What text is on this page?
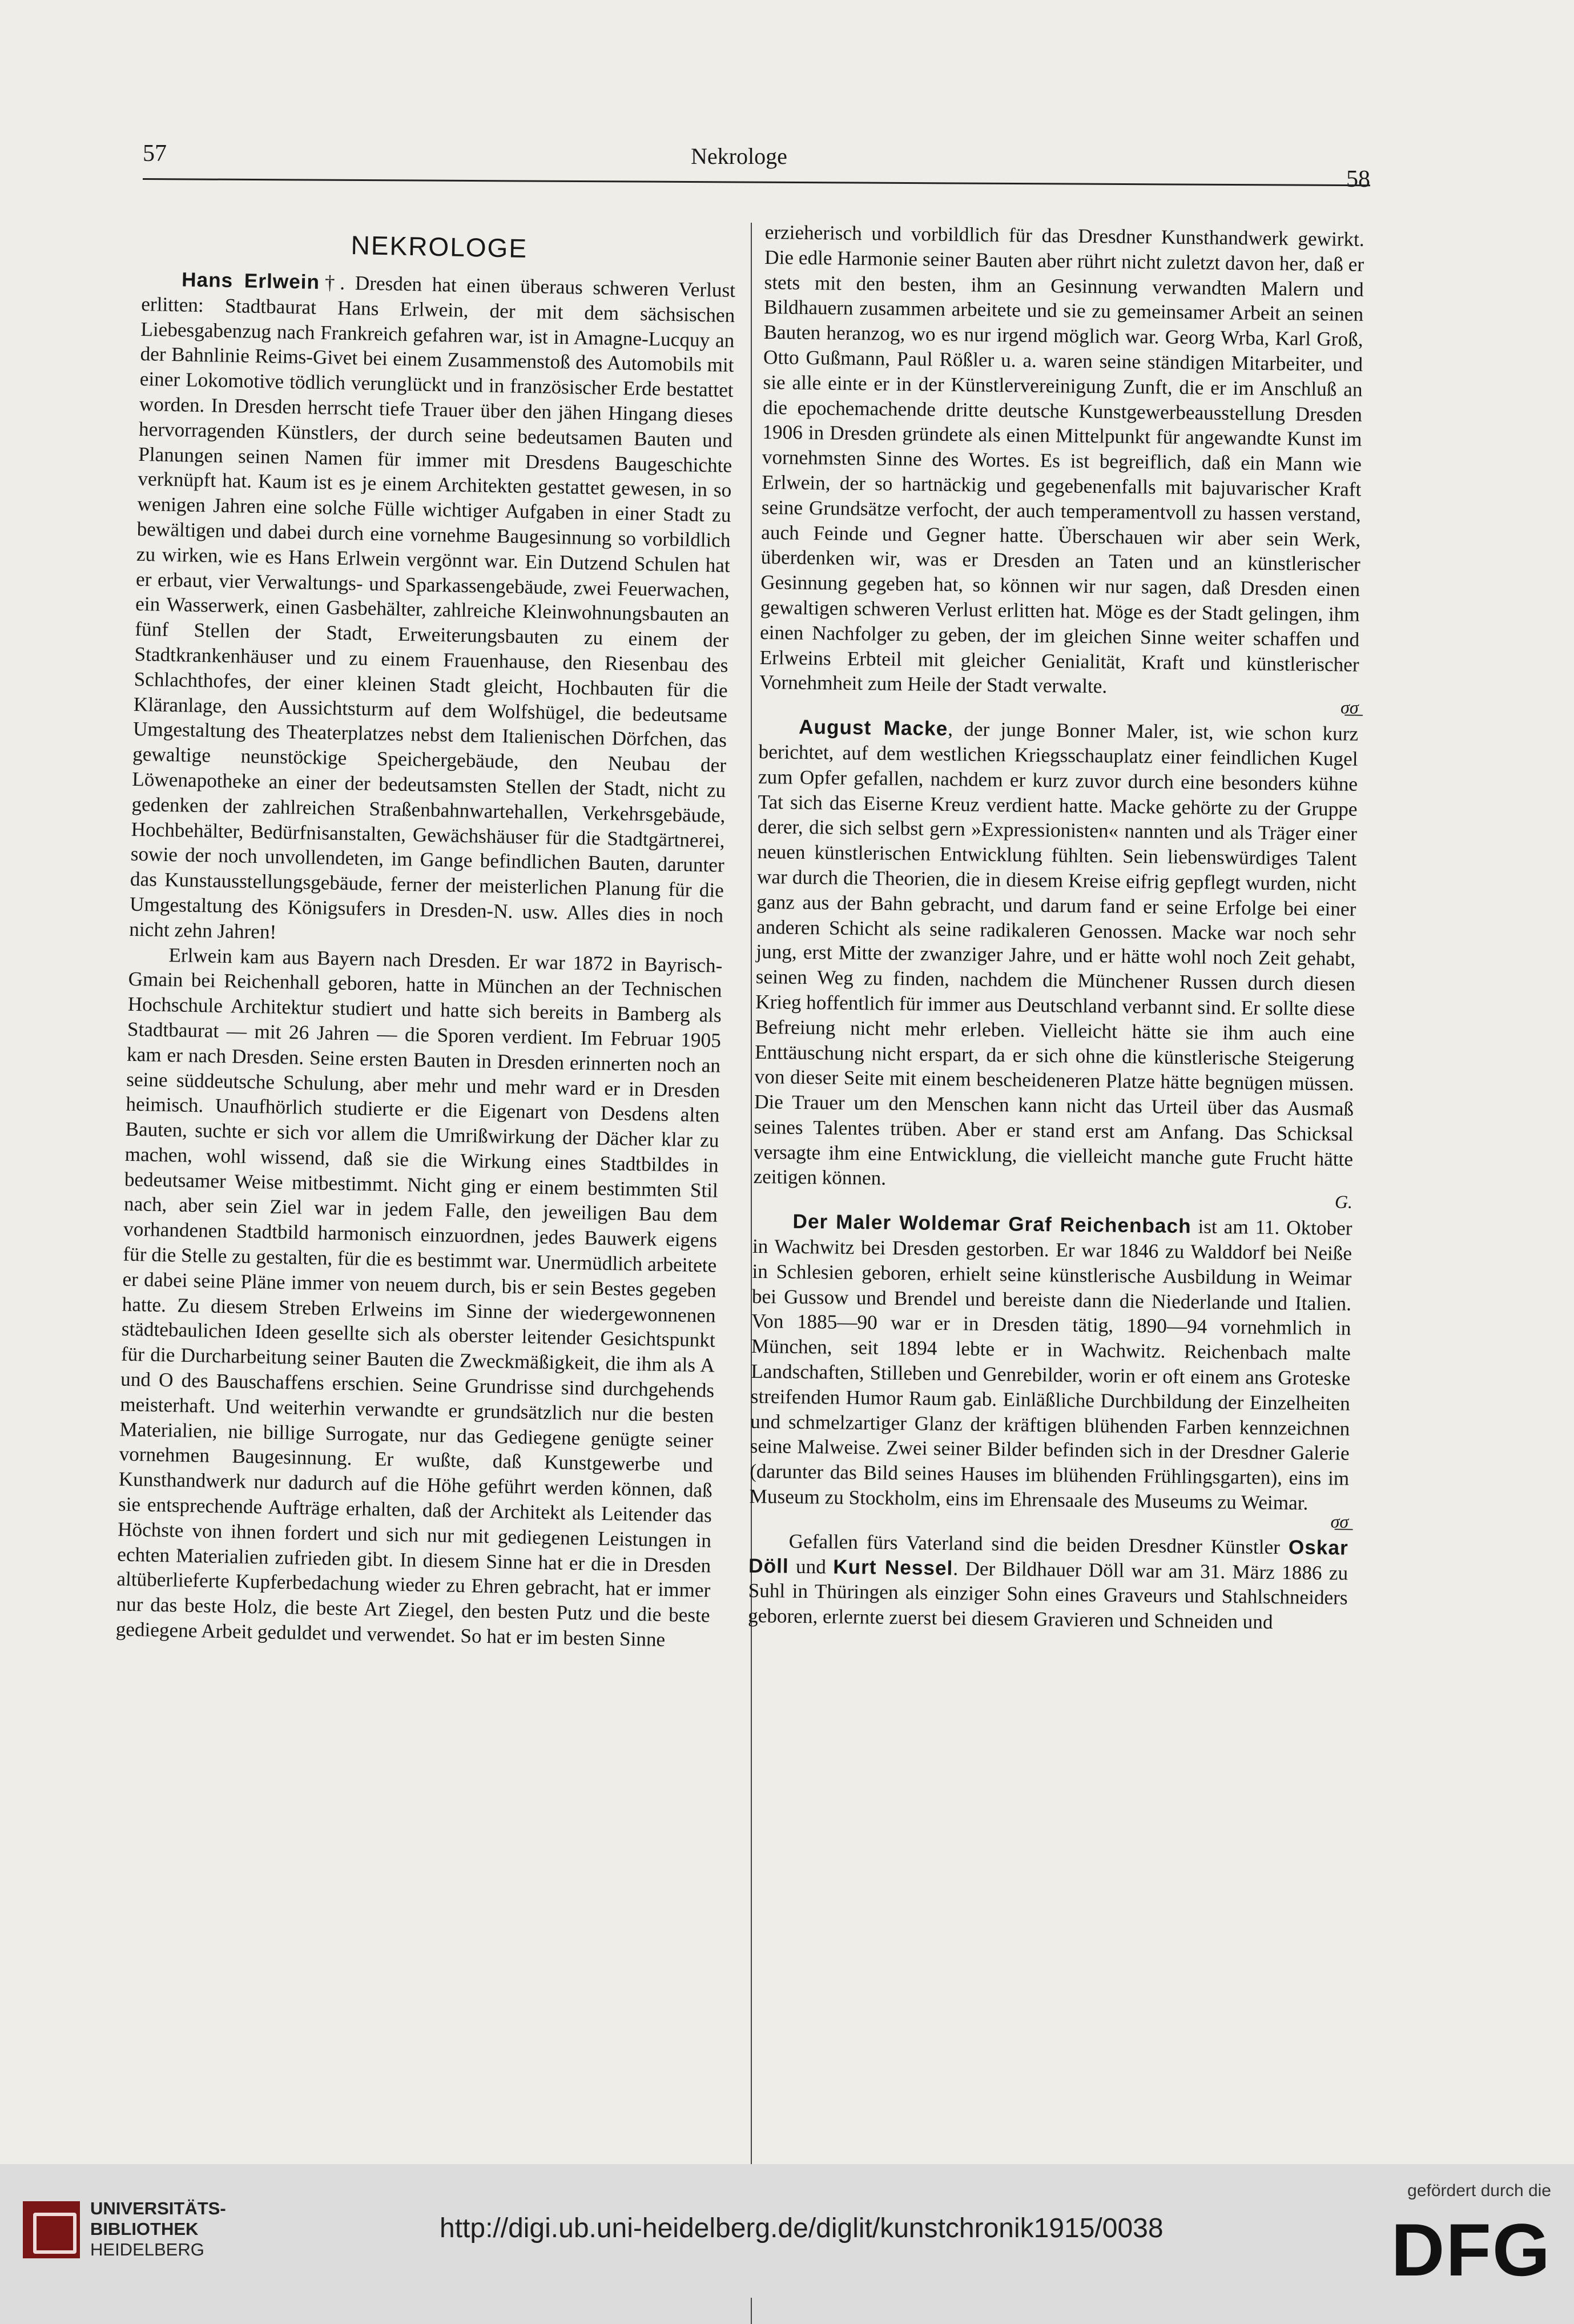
57	Nekrologe
58
NEKROLOGE

Hans Erlwein†. Dresden hat einen überaus schweren Verlust erlitten: Stadtbaurat Hans Erlwein, der mit dem sächsischen Liebesgabenzug nach Frankreich gefahren war, ist in Amagne-Lucquy an der Bahnlinie Reims-Givet bei einem Zusammenstoß des Automobils mit einer Lokomotive tödlich verunglückt und in französischer Erde bestattet worden. In Dresden herrscht tiefe Trauer über den jähen Hingang dieses hervorragenden Künstlers, der durch seine bedeutsamen Bauten und Planungen seinen Namen für immer mit Dresdens Baugeschichte verknüpft hat. Kaum ist es je einem Architekten gestattet gewesen, in so wenigen Jahren eine solche Fülle wichtiger Aufgaben in einer Stadt zu bewältigen und dabei durch eine vornehme Baugesinnung so vorbildlich zu wirken, wie es Hans Erlwein vergönnt war. Ein Dutzend Schulen hat er erbaut, vier Verwaltungs- und Sparkassengebäude, zwei Feuerwachen, ein Wasserwerk, einen Gasbehälter, zahlreiche Kleinwohnungsbauten an fünf Stellen der Stadt, Erweiterungsbauten zu einem der Stadtkrankenhäuser und zu einem Frauenhause, den Riesenbau des Schlachthofes, der einer kleinen Stadt gleicht, Hochbauten für die Kläranlage, den Aussichtsturm auf dem Wolfshügel, die bedeutsame Umgestaltung des Theaterplatzes nebst dem Italienischen Dörfchen, das gewaltige neunstöckige Speichergebäude, den Neubau der Löwenapotheke an einer der bedeutsamsten Stellen der Stadt, nicht zu gedenken der zahlreichen Straßenbahnwartehallen, Verkehrsgebäude, Hochbehälter, Bedürfnisanstalten, Gewächshäuser für die Stadtgärtnerei, sowie der noch unvollendeten, im Gange befindlichen Bauten, darunter das Kunstausstellungsgebäude, ferner der meisterlichen Planung für die Umgestaltung des Königsufers in Dresden-N. usw. Alles dies in noch nicht zehn Jahren!

Erlwein kam aus Bayern nach Dresden. Er war 1872 in Bayrisch-Gmain bei Reichenhall geboren, hatte in München an der Technischen Hochschule Architektur studiert und hatte sich bereits in Bamberg als Stadtbaurat — mit 26 Jahren — die Sporen verdient. Im Februar 1905 kam er nach Dresden. Seine ersten Bauten in Dresden erinnerten noch an seine süddeutsche Schulung, aber mehr und mehr ward er in Dresden heimisch. Unaufhörlich studierte er die Eigenart von Desdens alten Bauten, suchte er sich vor allem die Umrißwirkung der Dächer klar zu machen, wohl wissend, daß sie die Wirkung eines Stadtbildes in bedeutsamer Weise mitbestimmt. Nicht ging er einem bestimmten Stil nach, aber sein Ziel war in jedem Falle, den jeweiligen Bau dem vorhandenen Stadtbild harmonisch einzuordnen, jedes Bauwerk eigens für die Stelle zu gestalten, für die es bestimmt war. Unermüdlich arbeitete er dabei seine Pläne immer von neuem durch, bis er sein Bestes gegeben hatte. Zu diesem Streben Erlweins im Sinne der wiedergewonnenen städtebaulichen Ideen gesellte sich als oberster leitender Gesichtspunkt für die Durcharbeitung seiner Bauten die Zweckmäßigkeit, die ihm als A und O des Bauschaffens erschien. Seine Grundrisse sind durchgehends meisterhaft. Und weiterhin verwandte er grundsätzlich nur die besten Materialien, nie billige Surrogate, nur das Gediegene genügte seiner vornehmen Baugesinnung. Er wußte, daß Kunstgewerbe und Kunsthandwerk nur dadurch auf die Höhe geführt werden können, daß sie entsprechende Aufträge erhalten, daß der Architekt als Leitender das Höchste von ihnen fordert und sich nur mit gediegenen Leistungen in echten Materialien zufrieden gibt. In diesem Sinne hat er die in Dresden altüberlieferte Kupferbedachung wieder zu Ehren gebracht, hat er immer nur das beste Holz, die beste Art Ziegel, den besten Putz und die beste gediegene Arbeit geduldet und verwendet. So hat er im besten Sinne

erzieherisch und vorbildlich für das Dresdner Kunsthandwerk gewirkt. Die edle Harmonie seiner Bauten aber rührt nicht zuletzt davon her, daß er stets mit den besten, ihm an Gesinnung verwandten Malern und Bildhauern zusammen arbeitete und sie zu gemeinsamer Arbeit an seinen Bauten heranzog, wo es nur irgend möglich war. Georg Wrba, Karl Groß, Otto Gußmann, Paul Rößler u. a. waren seine ständigen Mitarbeiter, und sie alle einte er in der Künstlervereinigung Zunft, die er im Anschluß an die epochemachende dritte deutsche Kunstgewerbeausstellung Dresden 1906 in Dresden gründete als einen Mittelpunkt für angewandte Kunst im vornehmsten Sinne des Wortes. Es ist begreiflich, daß ein Mann wie Erlwein, der so hartnäckig und gegebenenfalls mit bajuvarischer Kraft seine Grundsätze verfocht, der auch temperamentvoll zu hassen verstand, auch Feinde und Gegner hatte. Überschauen wir aber sein Werk, überdenken wir, was er Dresden an Taten und an künstlerischer Gesinnung gegeben hat, so können wir nur sagen, daß Dresden einen gewaltigen schweren Verlust erlitten hat. Möge es der Stadt gelingen, ihm einen Nachfolger zu geben, der im gleichen Sinne weiter schaffen und Erlweins Erbteil mit gleicher Genialität, Kraft und künstlerischer Vornehmheit zum Heile der Stadt verwalte.

σ̲σ̲

August Macke, der junge Bonner Maler, ist, wie schon kurz berichtet, auf dem westlichen Kriegsschauplatz einer feindlichen Kugel zum Opfer gefallen, nachdem er kurz zuvor durch eine besonders kühne Tat sich das Eiserne Kreuz verdient hatte. Macke gehörte zu der Gruppe derer, die sich selbst gern »Expressionisten« nannten und als Träger einer neuen künstlerischen Entwicklung fühlten. Sein liebenswürdiges Talent war durch die Theorien, die in diesem Kreise eifrig gepflegt wurden, nicht ganz aus der Bahn gebracht, und darum fand er seine Erfolge bei einer anderen Schicht als seine radikaleren Genossen. Macke war noch sehr jung, erst Mitte der zwanziger Jahre, und er hätte wohl noch Zeit gehabt, seinen Weg zu finden, nachdem die Münchener Russen durch diesen Krieg hoffentlich für immer aus Deutschland verbannt sind. Er sollte diese Befreiung nicht mehr erleben. Vielleicht hätte sie ihm auch eine Enttäuschung nicht erspart, da er sich ohne die künstlerische Steigerung von dieser Seite mit einem bescheideneren Platze hätte begnügen müssen. Die Trauer um den Menschen kann nicht das Urteil über das Ausmaß seines Talentes trüben. Aber er stand erst am Anfang. Das Schicksal versagte ihm eine Entwicklung, die vielleicht manche gute Frucht hätte zeitigen können.

G.

Der Maler Woldemar Graf Reichenbach ist am 11. Oktober in Wachwitz bei Dresden gestorben. Er war 1846 zu Walddorf bei Neiße in Schlesien geboren, erhielt seine künstlerische Ausbildung in Weimar bei Gussow und Brendel und bereiste dann die Niederlande und Italien. Von 1885—90 war er in Dresden tätig, 1890—94 vornehmlich in München, seit 1894 lebte er in Wachwitz. Reichenbach malte Landschaften, Stilleben und Genrebilder, worin er oft einem ans Groteske streifenden Humor Raum gab. Einläßliche Durchbildung der Einzelheiten und schmelzartiger Glanz der kräftigen blühenden Farben kennzeichnen seine Malweise. Zwei seiner Bilder befinden sich in der Dresdner Galerie (darunter das Bild seines Hauses im blühenden Frühlingsgarten), eins im Museum zu Stockholm, eins im Ehrensaale des Museums zu Weimar.

σ̲σ̲

Gefallen fürs Vaterland sind die beiden Dresdner Künstler Oskar Döll und Kurt Nessel. Der Bildhauer Döll war am 31. März 1886 zu Suhl in Thüringen als einziger Sohn eines Graveurs und Stahlschneiders geboren, erlernte zuerst bei diesem Gravieren und Schneiden und

UNIVERSITÄTS-
BIBLIOTHEK
HEIDELBERG
http://digi.ub.uni-heidelberg.de/diglit/kunstchronik1915/0038
gefördert durch die
DFG
